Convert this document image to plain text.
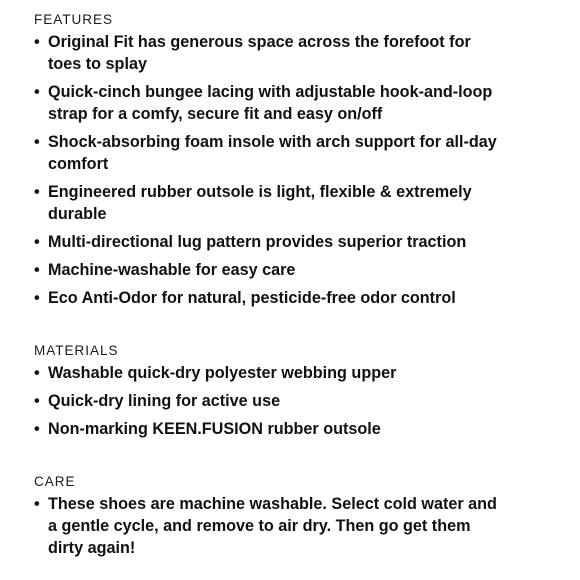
FEATURES
• Original Fit has generous space across the forefoot for toes to splay
• Quick-cinch bungee lacing with adjustable hook-and-loop strap for a comfy, secure fit and easy on/off
• Shock-absorbing foam insole with arch support for all-day comfort
• Engineered rubber outsole is light, flexible & extremely durable
• Multi-directional lug pattern provides superior traction
• Machine-washable for easy care
• Eco Anti-Odor for natural, pesticide-free odor control
MATERIALS
• Washable quick-dry polyester webbing upper
• Quick-dry lining for active use
• Non-marking KEEN.FUSION rubber outsole
CARE
• These shoes are machine washable. Select cold water and a gentle cycle, and remove to air dry. Then go get them dirty again!
